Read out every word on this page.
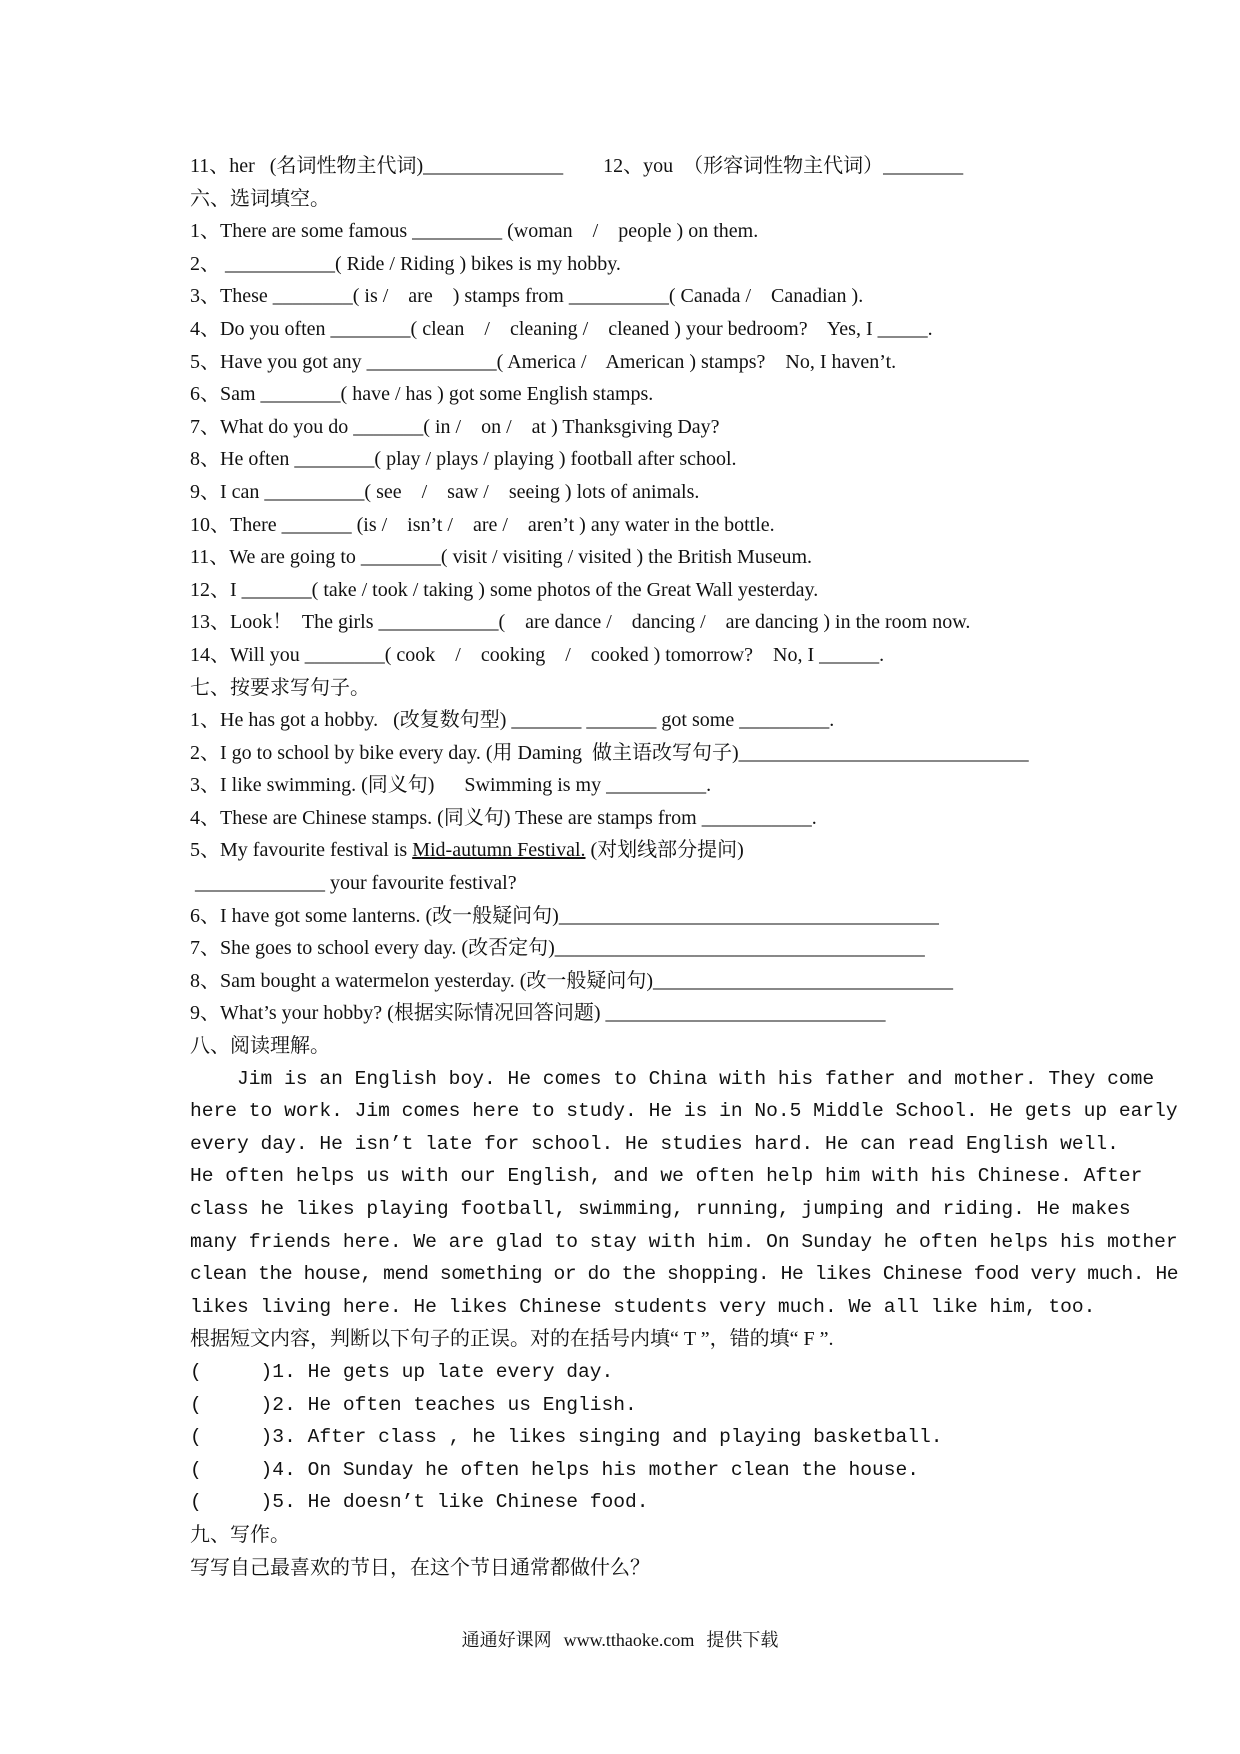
11、her   (名词性物主代词)______________        12、you  （形容词性物主代词）________
六、选词填空。
1、There are some famous _________ (woman    /    people ) on them.
2、 ___________( Ride / Riding ) bikes is my hobby.
3、These ________( is /    are    ) stamps from __________( Canada /    Canadian ).
4、Do you often ________( clean    /    cleaning /    cleaned ) your bedroom?    Yes, I _____.
5、Have you got any _____________( America /    American ) stamps?    No, I haven’t.
6、Sam ________( have / has ) got some English stamps.
7、What do you do _______( in /    on /    at ) Thanksgiving Day?
8、He often ________( play / plays / playing ) football after school.
9、I can __________( see    /    saw /    seeing ) lots of animals.
10、There _______ (is /    isn’t /    are /    aren’t ) any water in the bottle.
11、We are going to ________( visit / visiting / visited ) the British Museum.
12、I _______( take / took / taking ) some photos of the Great Wall yesterday.
13、Look！  The girls ____________(    are dance /    dancing /    are dancing ) in the room now.
14、Will you ________( cook    /    cooking    /    cooked ) tomorrow?    No, I ______.
七、按要求写句子。
1、He has got a hobby.   (改复数句型) _______ _______ got some _________.
2、I go to school by bike every day. (用 Daming  做主语改写句子)_____________________________
3、I like swimming. (同义句)      Swimming is my __________.
4、These are Chinese stamps. (同义句) These are stamps from ___________.
5、My favourite festival is Mid-autumn Festival. (对划线部分提问)
_____________ your favourite festival?
6、I have got some lanterns. (改一般疑问句)______________________________________
7、She goes to school every day. (改否定句)_____________________________________
8、Sam bought a watermelon yesterday. (改一般疑问句)______________________________
9、What’s your hobby? (根据实际情况回答问题) ____________________________
八、阅读理解。
Jim is an English boy. He comes to China with his father and mother. They come
here to work. Jim comes here to study. He is in No.5 Middle School. He gets up early
every day. He isn’t late for school. He studies hard. He can read English well.
He often helps us with our English, and we often help him with his Chinese. After
class he likes playing football, swimming, running, jumping and riding. He makes
many friends here. We are glad to stay with him. On Sunday he often helps his mother
clean the house, mend something or do the shopping. He likes Chinese food very much. He
likes living here. He likes Chinese students very much. We all like him, too.
根据短文内容，判断以下句子的正误。对的在括号内填“ T ”，错的填“ F ”.
(     )1. He gets up late every day.
(     )2. He often teaches us English.
(     )3. After class , he likes singing and playing basketball.
(     )4. On Sunday he often helps his mother clean the house.
(     )5. He doesn’t like Chinese food.
九、写作。
写写自己最喜欢的节日，在这个节日通常都做什么？
通通好课网 www.tthaoke.com 提供下载
